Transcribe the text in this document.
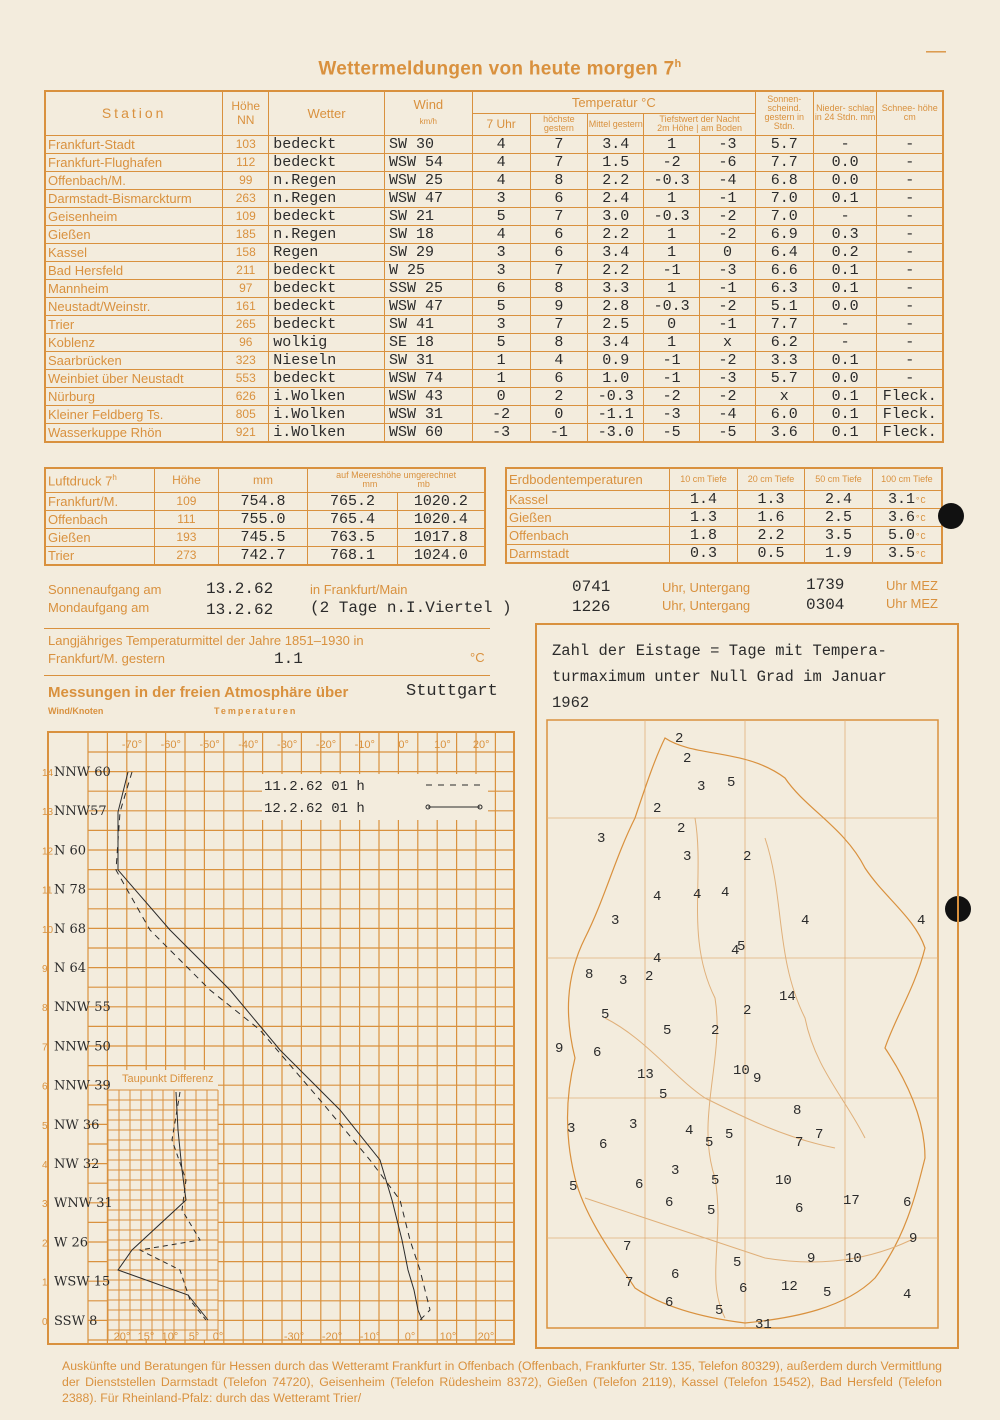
Wettermeldungen von heute morgen 7$^h$
—
Station	Höhe NN	Wetter	Wind
km/h	Temperatur °C					Sonnen- scheind. gestern in Stdn.	Nieder- schlag in 24 Stdn. mm	Schnee- höhe cm
				7 Uhr	höchste gestern	Mittel gestern	Tiefstwert der Nacht
2m Höhe | am Boden				
Frankfurt-Stadt	103	bedeckt	SW 30	4	7	3.4	1	-3	5.7	-	-
Frankfurt-Flughafen	112	bedeckt	WSW 54	4	7	1.5	-2	-6	7.7	0.0	-
Offenbach/M.	99	n.Regen	WSW 25	4	8	2.2	-0.3	-4	6.8	0.0	-
Darmstadt-Bismarckturm	263	n.Regen	WSW 47	3	6	2.4	1	-1	7.0	0.1	-
Geisenheim	109	bedeckt	SW 21	5	7	3.0	-0.3	-2	7.0	-	-
Gießen	185	n.Regen	SW 18	4	6	2.2	1	-2	6.9	0.3	-
Kassel	158	Regen	SW 29	3	6	3.4	1	0	6.4	0.2	-
Bad Hersfeld	211	bedeckt	W 25	3	7	2.2	-1	-3	6.6	0.1	-
Mannheim	97	bedeckt	SSW 25	6	8	3.3	1	-1	6.3	0.1	-
Neustadt/Weinstr.	161	bedeckt	WSW 47	5	9	2.8	-0.3	-2	5.1	0.0	-
Trier	265	bedeckt	SW 41	3	7	2.5	0	-1	7.7	-	-
Koblenz	96	wolkig	SE 18	5	8	3.4	1	x	6.2	-	-
Saarbrücken	323	Nieseln	SW 31	1	4	0.9	-1	-2	3.3	0.1	-
Weinbiet über Neustadt	553	bedeckt	WSW 74	1	6	1.0	-1	-3	5.7	0.0	-
Nürburg	626	i.Wolken	WSW 43	0	2	-0.3	-2	-2	x	0.1	Fleck.
Kleiner Feldberg Ts.	805	i.Wolken	WSW 31	-2	0	-1.1	-3	-4	6.0	0.1	Fleck.
Wasserkuppe Rhön	921	i.Wolken	WSW 60	-3	-1	-3.0	-5	-5	3.6	0.1	Fleck.
Luftdruck 7$^h$	Höhe	mm	auf Meereshöhe umgerechnet
mm mb	
Frankfurt/M.	109	754.8	765.2	1020.2
Offenbach	111	755.0	765.4	1020.4
Gießen	193	745.5	763.5	1017.8
Trier	273	742.7	768.1	1024.0
Erdbodentemperaturen	10 cm Tiefe	20 cm Tiefe	50 cm Tiefe	100 cm Tiefe
Kassel	1.4	1.3	2.4	3.1°C
Gießen	1.3	1.6	2.5	3.6°C
Offenbach	1.8	2.2	3.5	5.0°C
Darmstadt	0.3	0.5	1.9	3.5°C
Sonnenaufgang am	13.2.62	in Frankfurt/Main	0741	Uhr, Untergang	1739	Uhr MEZ
Mondaufgang am	13.2.62 (2 Tage n.I.Viertel )	1226	Uhr, Untergang	0304	Uhr MEZ
Langjähriges Temperaturmittel der Jahre 1851–1930 in
Frankfurt/M. gestern	1.1	°C
Messungen in der freien Atmosphäre über	Stuttgart
Wind/Knoten	Temperaturen
-70° -60° -50° -40° -30° -20° -10° 0° 10° 20°
20° 15° 10° 5° 0°	-30° -20° -10° 0° 10° 20°
14
13
12
11
10
9
8
7
6
5
4
3
2
1
0
NNW 60
NNW57
N 60
N 78
N 68
N 64
NNW 55
NNW 50
NNW 39
NW 36
NW 32
WNW 31
W 26
WSW 15
SSW 8
Taupunkt Differenz
11.2.62 01 h
12.2.62 01 h
Zahl der Eistage = Tage mit Tempera-
turmaximum unter Null Grad im Januar
1962
2
2
3 5
2
2
3
3	2
4 4 4
3	4	4
4	4
2
5
8 3
14
5
5	2
2
9 6
13	10 9
5
8
3
6
3	4 5	7
5	7
3
5	6	5
6
10
17	6
5	6
7	9
5	9 10
7	6
6 12
6
5	4
5
31
Auskünfte und Beratungen für Hessen durch das Wetteramt Frankfurt in Offenbach (Offenbach, Frankfurter Str. 135, Telefon 80329), außerdem durch Vermittlung der Dienststellen Darmstadt (Telefon 74720), Geisenheim (Telefon Rüdesheim 8372), Gießen (Telefon 2119), Kassel (Telefon 15452), Bad Hersfeld (Telefon 2388). Für Rheinland-Pfalz: durch das Wetteramt Trier/
